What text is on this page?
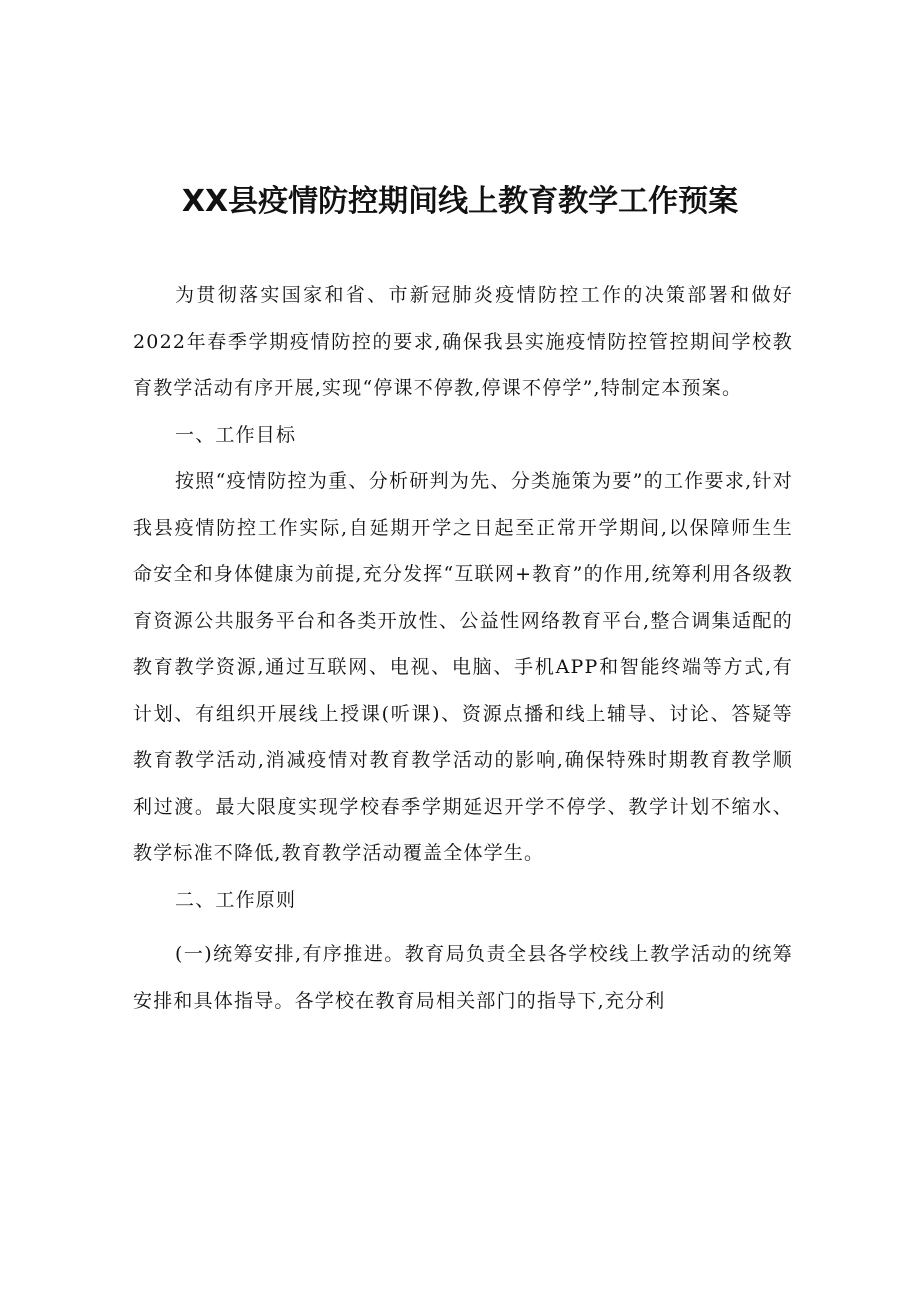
XX县疫情防控期间线上教育教学工作预案

为贯彻落实国家和省、市新冠肺炎疫情防控工作的决策部署和做好2022年春季学期疫情防控的要求,确保我县实施疫情防控管控期间学校教育教学活动有序开展,实现“停课不停教,停课不停学”,特制定本预案。

一、工作目标

按照“疫情防控为重、分析研判为先、分类施策为要”的工作要求,针对我县疫情防控工作实际,自延期开学之日起至正常开学期间,以保障师生生命安全和身体健康为前提,充分发挥“互联网+教育”的作用,统筹利用各级教育资源公共服务平台和各类开放性、公益性网络教育平台,整合调集适配的教育教学资源,通过互联网、电视、电脑、手机APP和智能终端等方式,有计划、有组织开展线上授课(听课)、资源点播和线上辅导、讨论、答疑等教育教学活动,消减疫情对教育教学活动的影响,确保特殊时期教育教学顺利过渡。最大限度实现学校春季学期延迟开学不停学、教学计划不缩水、教学标准不降低,教育教学活动覆盖全体学生。

二、工作原则

(一)统筹安排,有序推进。教育局负责全县各学校线上教学活动的统筹安排和具体指导。各学校在教育局相关部门的指导下,充分利
